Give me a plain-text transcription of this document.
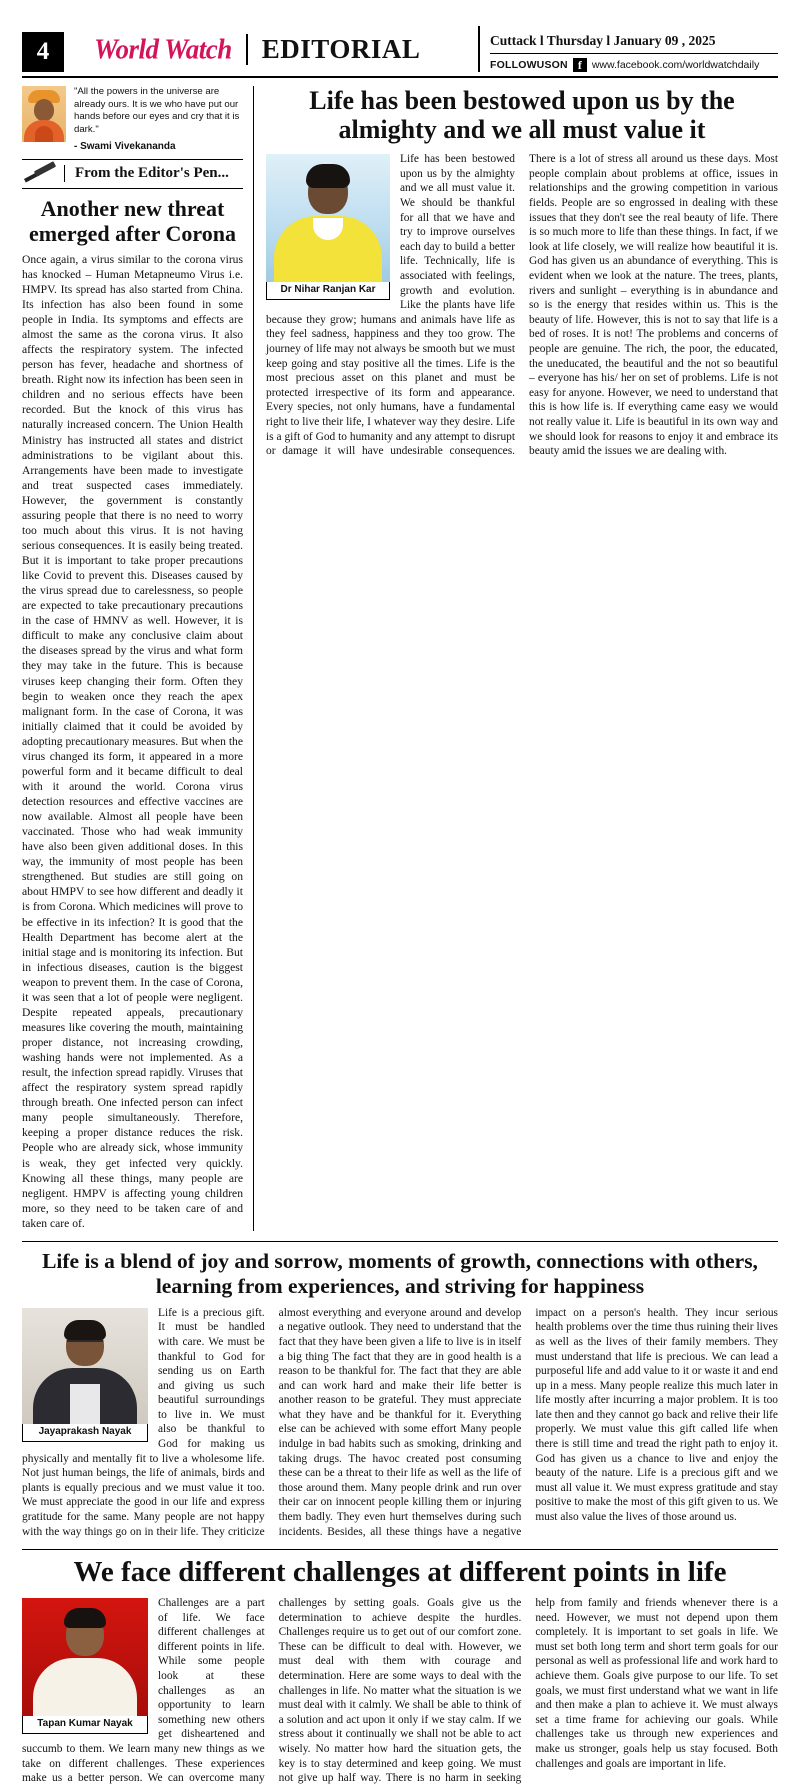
4	World Watch	EDITORIAL	Cuttack l Thursday l January 09 , 2025
FOLLOWUSON f www.facebook.com/worldwatchdaily
"All the powers in the universe are already ours. It is we who have put our hands before our eyes and cry that it is dark."
- Swami Vivekananda
From the Editor's Pen...
Another new threat emerged after Corona
Once again, a virus similar to the corona virus has knocked – Human Metapneumo Virus i.e. HMPV. Its spread has also started from China. Its infection has also been found in some people in India. Its symptoms and effects are almost the same as the corona virus. It also affects the respiratory system. The infected person has fever, headache and shortness of breath. Right now its infection has been seen in children and no serious effects have been recorded. But the knock of this virus has naturally increased concern. The Union Health Ministry has instructed all states and district administrations to be vigilant about this. Arrangements have been made to investigate and treat suspected cases immediately. However, the government is constantly assuring people that there is no need to worry too much about this virus. It is not having serious consequences. It is easily being treated. But it is important to take proper precautions like Covid to prevent this. Diseases caused by the virus spread due to carelessness, so people are expected to take precautionary precautions in the case of HMNV as well. However, it is difficult to make any conclusive claim about the diseases spread by the virus and what form they may take in the future. This is because viruses keep changing their form. Often they begin to weaken once they reach the apex malignant form. In the case of Corona, it was initially claimed that it could be avoided by adopting precautionary measures. But when the virus changed its form, it appeared in a more powerful form and it became difficult to deal with it around the world. Corona virus detection resources and effective vaccines are now available. Almost all people have been vaccinated. Those who had weak immunity have also been given additional doses. In this way, the immunity of most people has been strengthened. But studies are still going on about HMPV to see how different and deadly it is from Corona. Which medicines will prove to be effective in its infection? It is good that the Health Department has become alert at the initial stage and is monitoring its infection. But in infectious diseases, caution is the biggest weapon to prevent them. In the case of Corona, it was seen that a lot of people were negligent. Despite repeated appeals, precautionary measures like covering the mouth, maintaining proper distance, not increasing crowding, washing hands were not implemented. As a result, the infection spread rapidly. Viruses that affect the respiratory system spread rapidly through breath. One infected person can infect many people simultaneously. Therefore, keeping a proper distance reduces the risk. People who are already sick, whose immunity is weak, they get infected very quickly. Knowing all these things, many people are negligent. HMPV is affecting young children more, so they need to be taken care of and taken care of.
Life has been bestowed upon us by the almighty and we all must value it
Dr Nihar Ranjan Kar
Life has been bestowed upon us by the almighty and we all must value it. We should be thankful for all that we have and try to improve ourselves each day to build a better life. Technically, life is associated with feelings, growth and evolution. Like the plants have life because they grow; humans and animals have life as they feel sadness, happiness and they too grow. The journey of life may not always be smooth but we must keep going and stay positive all the times. Life is the most precious asset on this planet and must be protected irrespective of its form and appearance. Every species, not only humans, have a fundamental right to live their life, I whatever way they desire. Life is a gift of God to humanity and any attempt to disrupt or damage it will have undesirable consequences. There is a lot of stress all around us these days. Most people complain about problems at office, issues in relationships and the growing competition in various fields. People are so engrossed in dealing with these issues that they don't see the real beauty of life. There is so much more to life than these things. In fact, if we look at life closely, we will realize how beautiful it is. God has given us an abundance of everything. This is evident when we look at the nature. The trees, plants, rivers and sunlight – everything is in abundance and so is the energy that resides within us. This is the beauty of life. However, this is not to say that life is a bed of roses. It is not! The problems and concerns of people are genuine. The rich, the poor, the educated, the uneducated, the beautiful and the not so beautiful – everyone has his/ her on set of problems. Life is not easy for anyone. However, we need to understand that this is how life is. If everything came easy we would not really value it. Life is beautiful in its own way and we should look for reasons to enjoy it and embrace its beauty amid the issues we are dealing with.
Life is a blend of joy and sorrow, moments of growth, connections with others, learning from experiences, and striving for happiness
Jayaprakash Nayak
Life is a precious gift. It must be handled with care. We must be thankful to God for sending us on Earth and giving us such beautiful surroundings to live in. We must also be thankful to God for making us physically and mentally fit to live a wholesome life. Not just human beings, the life of animals, birds and plants is equally precious and we must value it too. We must appreciate the good in our life and express gratitude for the same. Many people are not happy with the way things go on in their life. They criticize almost everything and everyone around and develop a negative outlook. They need to understand that the fact that they have been given a life to live is in itself a big thing The fact that they are in good health is a reason to be thankful for. The fact that they are able and can work hard and make their life better is another reason to be grateful. They must appreciate what they have and be thankful for it. Everything else can be achieved with some effort Many people indulge in bad habits such as smoking, drinking and taking drugs. The havoc created post consuming these can be a threat to their life as well as the life of those around them. Many people drink and run over their car on innocent people killing them or injuring them badly. They even hurt themselves during such incidents. Besides, all these things have a negative impact on a person's health. They incur serious health problems over the time thus ruining their lives as well as the lives of their family members. They must understand that life is precious. We can lead a purposeful life and add value to it or waste it and end up in a mess. Many people realize this much later in life mostly after incurring a major problem. It is too late then and they cannot go back and relive their life properly. We must value this gift called life when there is still time and tread the right path to enjoy it. God has given us a chance to live and enjoy the beauty of the nature. Life is a precious gift and we must all value it. We must express gratitude and stay positive to make the most of this gift given to us. We must also value the lives of those around us.
We face different challenges at different points in life
Tapan Kumar Nayak
Challenges are a part of life. We face different challenges at different points in life. While some people look at these challenges as an opportunity to learn something new others get disheartened and succumb to them. We learn many new things as we take on different challenges. These experiences make us a better person. We can overcome many challenges by setting goals. Goals give us the determination to achieve despite the hurdles. Challenges require us to get out of our comfort zone. These can be difficult to deal with. However, we must deal with them with courage and determination. Here are some ways to deal with the challenges in life. No matter what the situation is we must deal with it calmly. We shall be able to think of a solution and act upon it only if we stay calm. If we stress about it continually we shall not be able to act wisely. No matter how hard the situation gets, the key is to stay determined and keep going. We must not give up half way. There is no harm in seeking help from family and friends whenever there is a need. However, we must not depend upon them completely. It is important to set goals in life. We must set both long term and short term goals for our personal as well as professional life and work hard to achieve them. Goals give purpose to our life. To set goals, we must first understand what we want in life and then make a plan to achieve it. We must always set a time frame for achieving our goals. While challenges take us through new experiences and make us stronger, goals help us stay focused. Both challenges and goals are important in life.
